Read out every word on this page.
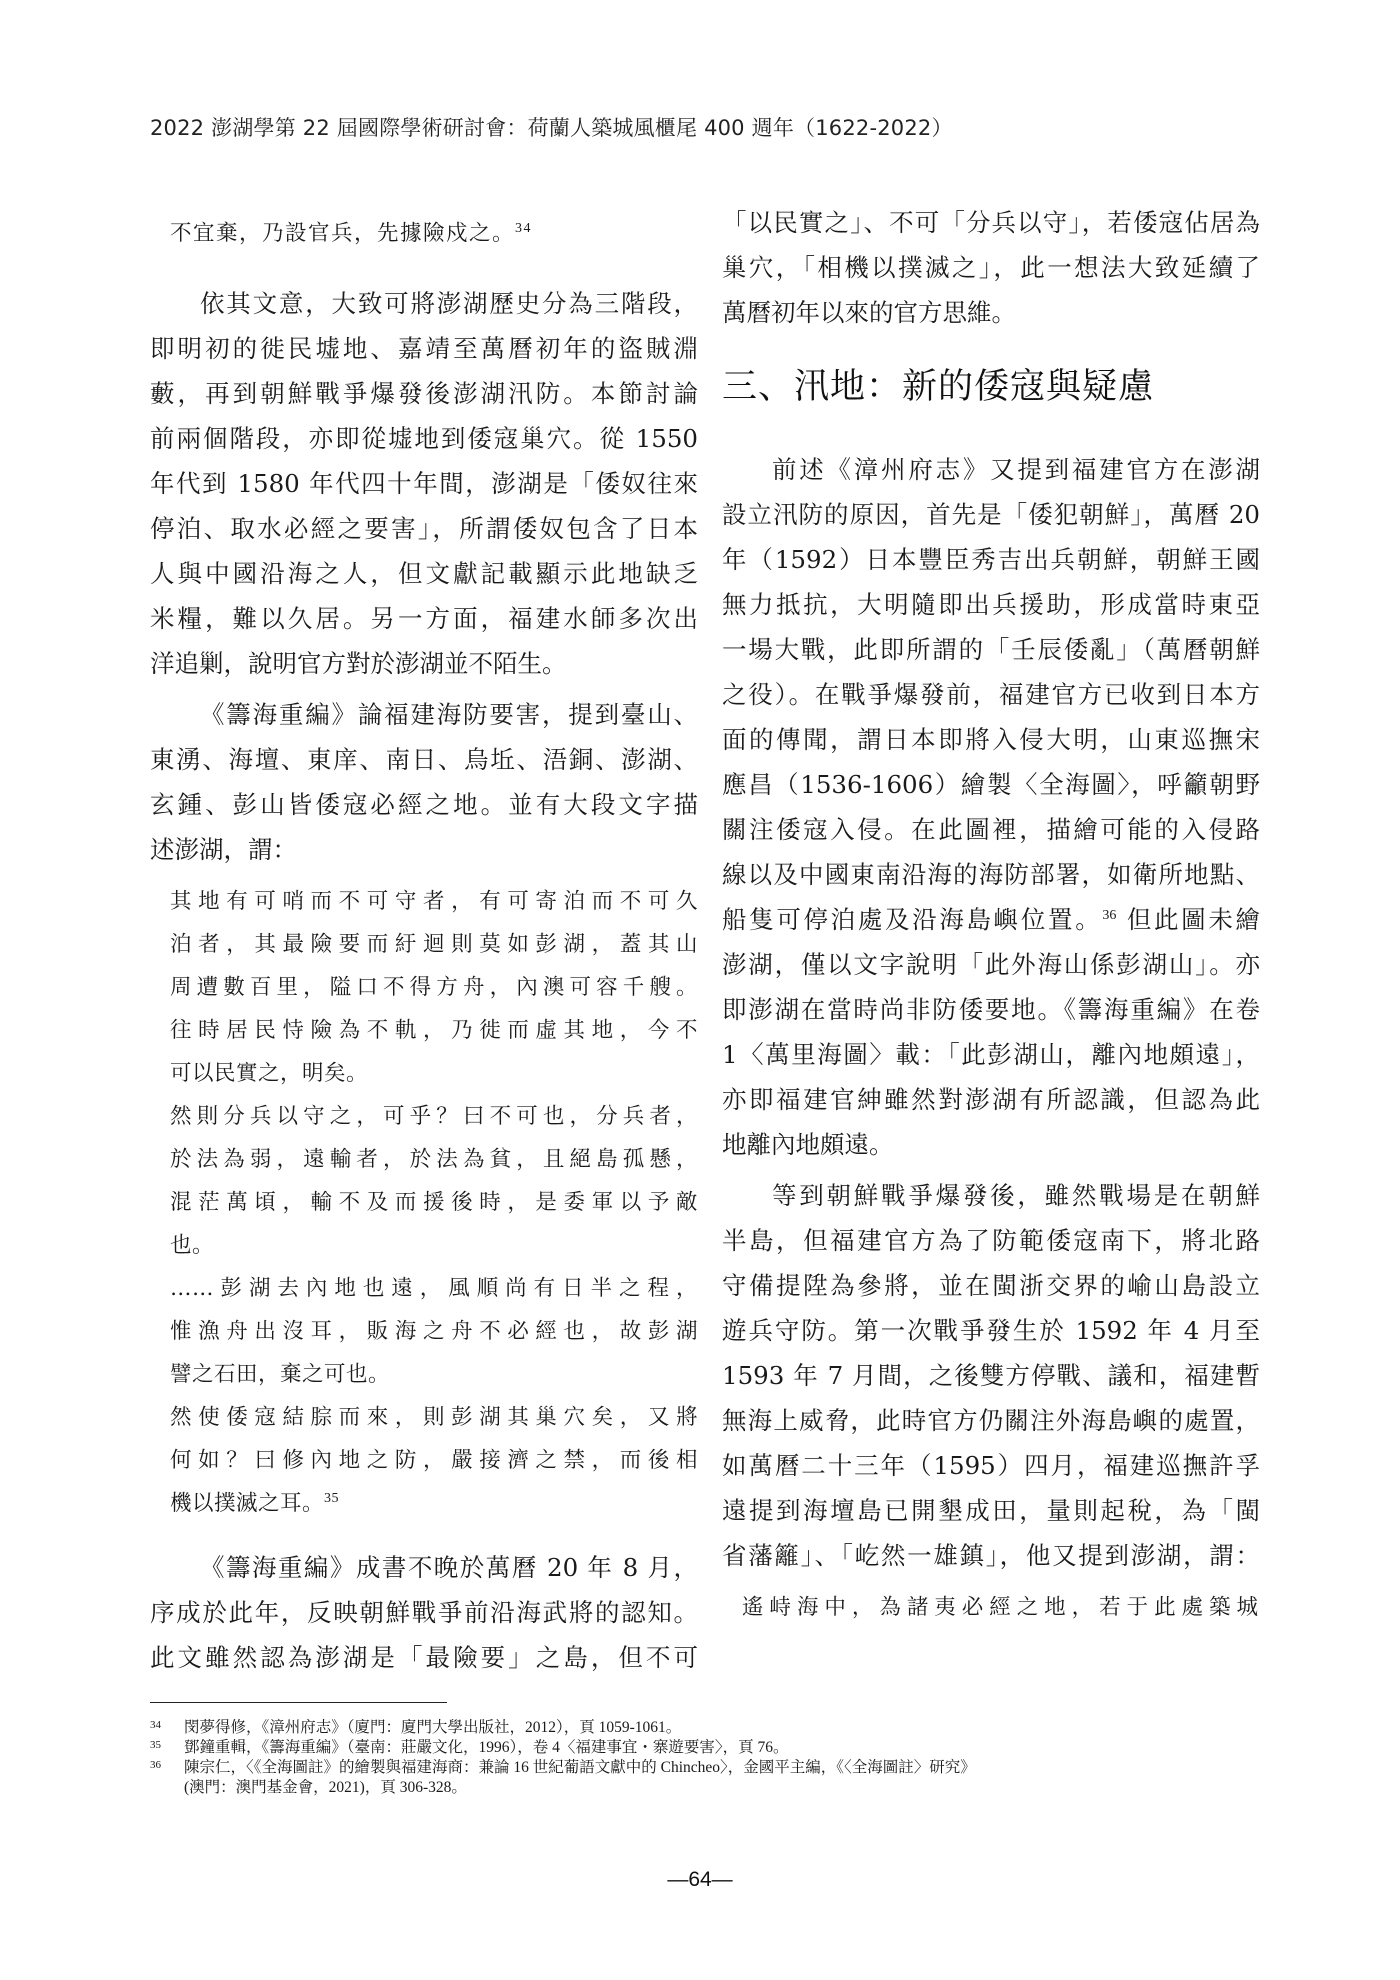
2022 澎湖學第 22 屆國際學術研討會：荷蘭人築城風櫃尾 400 週年（1622-2022）
不宜棄，乃設官兵，先據險戍之。$^{34}$
依其文意，大致可將澎湖歷史分為三階段，
即明初的徙民墟地、嘉靖至萬曆初年的盜賊淵
藪，再到朝鮮戰爭爆發後澎湖汛防。本節討論
前兩個階段，亦即從墟地到倭寇巢穴。從 1550
年代到 1580 年代四十年間，澎湖是「倭奴往來
停泊、取水必經之要害」，所謂倭奴包含了日本
人與中國沿海之人，但文獻記載顯示此地缺乏
米糧，難以久居。另一方面，福建水師多次出
洋追剿，說明官方對於澎湖並不陌生。
《籌海重編》論福建海防要害，提到臺山、
東湧、海壇、東庠、南日、烏坵、浯銅、澎湖、
玄鍾、彭山皆倭寇必經之地。並有大段文字描
述澎湖，謂：
其地有可哨而不可守者，有可寄泊而不可久
泊者，其最險要而紆迴則莫如彭湖，蓋其山
周遭數百里，隘口不得方舟，內澳可容千艘。
往時居民恃險為不軌，乃徙而虛其地，今不
可以民實之，明矣。
然則分兵以守之，可乎？曰不可也，分兵者，
於法為弱，遠輸者，於法為貧，且絕島孤懸，
混茫萬頃，輸不及而援後時，是委軍以予敵
也。
……彭湖去內地也遠，風順尚有日半之程，
惟漁舟出沒耳，販海之舟不必經也，故彭湖
譬之石田，棄之可也。
然使倭寇結腙而來，則彭湖其巢穴矣，又將
何如？曰修內地之防，嚴接濟之禁，而後相
機以撲滅之耳。$^{35}$
《籌海重編》成書不晚於萬曆 20 年 8 月，
序成於此年，反映朝鮮戰爭前沿海武將的認知。
此文雖然認為澎湖是「最險要」之島，但不可
「以民實之」、不可「分兵以守」，若倭寇佔居為
巢穴，「相機以撲滅之」，此一想法大致延續了
萬曆初年以來的官方思維。
三、汛地：新的倭寇與疑慮
前述《漳州府志》又提到福建官方在澎湖
設立汛防的原因，首先是「倭犯朝鮮」，萬曆 20
年（1592）日本豐臣秀吉出兵朝鮮，朝鮮王國
無力抵抗，大明隨即出兵援助，形成當時東亞
一場大戰，此即所謂的「壬辰倭亂」（萬曆朝鮮
之役）。在戰爭爆發前，福建官方已收到日本方
面的傳聞，謂日本即將入侵大明，山東巡撫宋
應昌（1536-1606）繪製〈全海圖〉，呼籲朝野
關注倭寇入侵。在此圖裡，描繪可能的入侵路
線以及中國東南沿海的海防部署，如衛所地點、
船隻可停泊處及沿海島嶼位置。$^{36}$ 但此圖未繪
澎湖，僅以文字說明「此外海山係彭湖山」。亦
即澎湖在當時尚非防倭要地。《籌海重編》在卷
1〈萬里海圖〉載：「此彭湖山，離內地頗遠」，
亦即福建官紳雖然對澎湖有所認識，但認為此
地離內地頗遠。
等到朝鮮戰爭爆發後，雖然戰場是在朝鮮
半島，但福建官方為了防範倭寇南下，將北路
守備提陞為參將，並在閩浙交界的崳山島設立
遊兵守防。第一次戰爭發生於 1592 年 4 月至
1593 年 7 月間，之後雙方停戰、議和，福建暫
無海上威脅，此時官方仍關注外海島嶼的處置，
如萬曆二十三年（1595）四月，福建巡撫許孚
遠提到海壇島已開墾成田，量則起稅，為「閩
省藩籬」、「屹然一雄鎮」，他又提到澎湖，謂：
遙峙海中，為諸夷必經之地，若于此處築城
34	閔夢得修，《漳州府志》（廈門：廈門大學出版社，2012），頁 1059-1061。
35	鄧鐘重輯，《籌海重編》（臺南：莊嚴文化，1996），卷 4〈福建事宜・寨遊要害〉，頁 76。
36	陳宗仁，〈《全海圖註》的繪製與福建海商：兼論 16 世紀葡語文獻中的 Chincheo〉，金國平主編，《〈全海圖註〉研究》
(澳門：澳門基金會，2021)，頁 306-328。
—64—
